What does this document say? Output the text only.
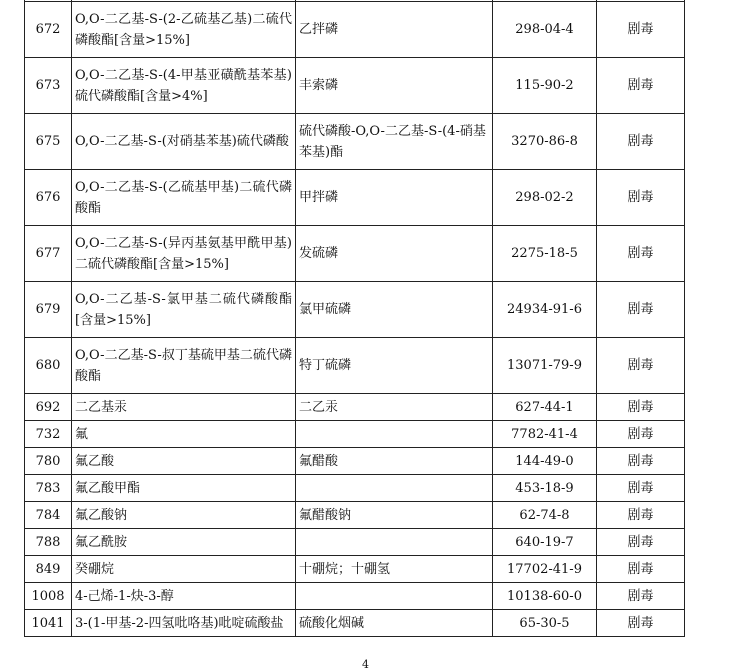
672	O,O-二乙基-S-(2-乙硫基乙基)二硫代磷酸酯[含量>15%]	乙拌磷	298-04-4	剧毒
673	O,O-二乙基-S-(4-甲基亚磺酰基苯基)硫代磷酸酯[含量>4%]	丰索磷	115-90-2	剧毒
675	O,O-二乙基-S-(对硝基苯基)硫代磷酸	硫代磷酸-O,O-二乙基-S-(4-硝基苯基)酯	3270-86-8	剧毒
676	O,O-二乙基-S-(乙硫基甲基)二硫代磷酸酯	甲拌磷	298-02-2	剧毒
677	O,O-二乙基-S-(异丙基氨基甲酰甲基)二硫代磷酸酯[含量>15%]	发硫磷	2275-18-5	剧毒
679	O,O-二乙基-S-氯甲基二硫代磷酸酯[含量>15%]	氯甲硫磷	24934-91-6	剧毒
680	O,O-二乙基-S-叔丁基硫甲基二硫代磷酸酯	特丁硫磷	13071-79-9	剧毒
692	二乙基汞	二乙汞	627-44-1	剧毒
732	氟		7782-41-4	剧毒
780	氟乙酸	氟醋酸	144-49-0	剧毒
783	氟乙酸甲酯		453-18-9	剧毒
784	氟乙酸钠	氟醋酸钠	62-74-8	剧毒
788	氟乙酰胺		640-19-7	剧毒
849	癸硼烷	十硼烷；十硼氢	17702-41-9	剧毒
1008	4-己烯-1-炔-3-醇		10138-60-0	剧毒
1041	3-(1-甲基-2-四氢吡咯基)吡啶硫酸盐	硫酸化烟碱	65-30-5	剧毒
4
